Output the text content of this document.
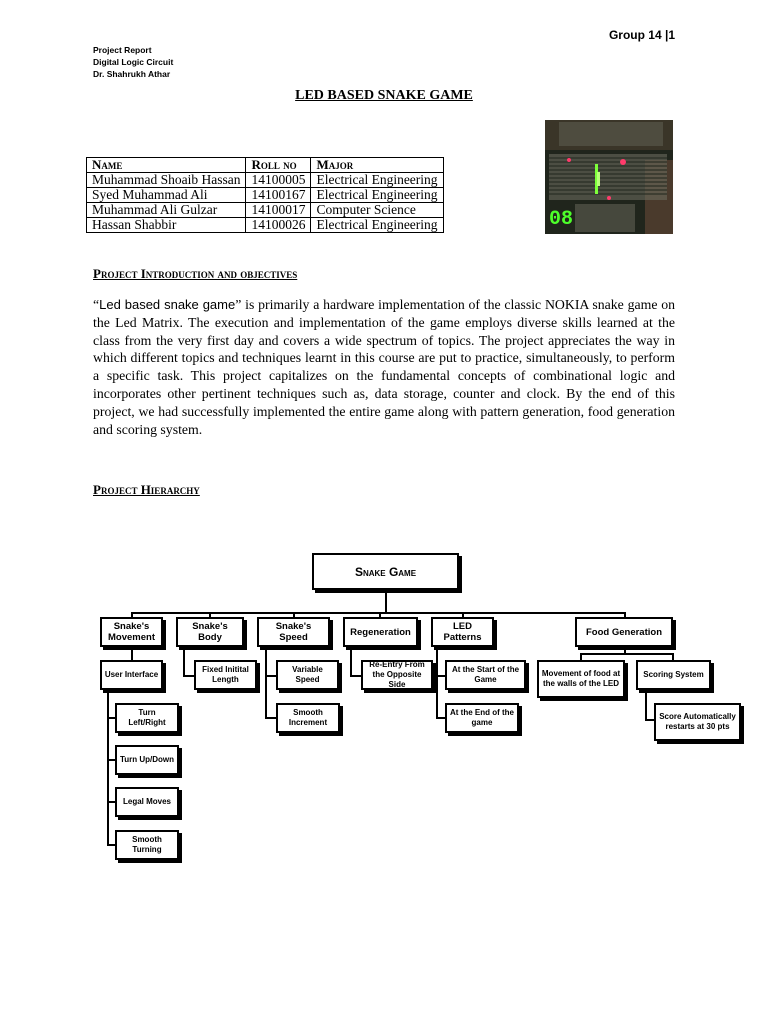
Group 14 |1
Project Report
Digital Logic Circuit
Dr. Shahrukh Athar
LED BASED SNAKE GAME
08
Name	Roll no	Major
Muhammad Shoaib Hassan	14100005	Electrical Engineering
Syed Muhammad Ali	14100167	Electrical Engineering
Muhammad Ali Gulzar	14100017	Computer Science
Hassan Shabbir	14100026	Electrical Engineering
Project Introduction and objectives
“Led based snake game” is primarily a hardware implementation of the classic NOKIA snake game on the Led Matrix. The execution and implementation of the game employs diverse skills learned at the class from the very first day and covers a wide spectrum of topics. The project appreciates the way in which different topics and techniques learnt in this course are put to practice, simultaneously, to perform a specific task. This project capitalizes on the fundamental concepts of combinational logic and incorporates other pertinent techniques such as, data storage, counter and clock. By the end of this project, we had successfully implemented the entire game along with pattern generation, food generation and scoring system.
Project Hierarchy
Snake Game
Snake's Movement
Snake's Body
Snake's Speed	Regeneration	LED Patterns	Food Generation
User Interface
Turn Left/Right
Turn Up/Down
Legal Moves
Smooth Turning
Fixed Initital Length
Variable Speed
Smooth Increment
Re-Entry From the Opposite Side
At the Start of the Game
At the End of the game
Movement of food at the walls of the LED
Scoring System
Score Automatically restarts at 30 pts
